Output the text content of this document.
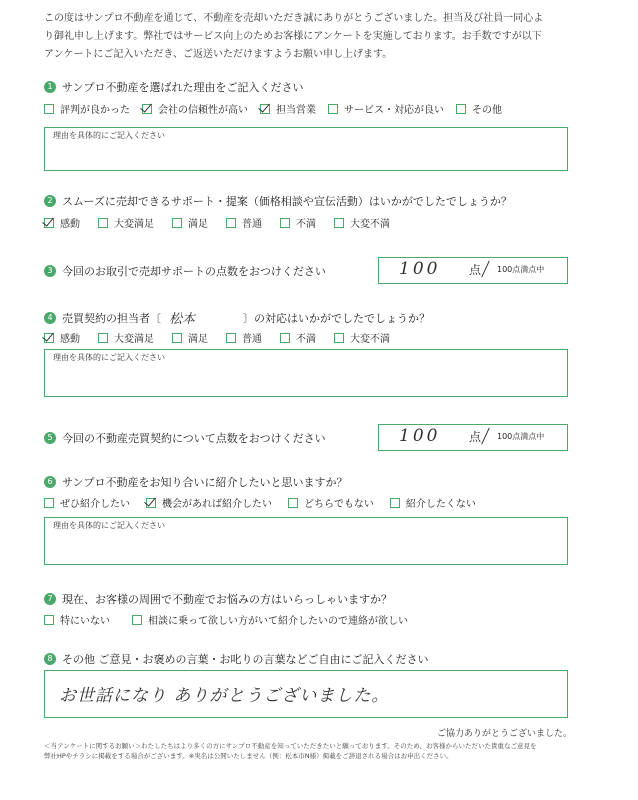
この度はサンプロ不動産を通じて、不動産を売却いただき誠にありがとうございました。担当及び社員一同心よ
り御礼申し上げます。弊社ではサービス向上のためお客様にアンケートを実施しております。お手数ですが以下
アンケートにご記入いただき、ご返送いただけますようお願い申し上げます。
1 サンプロ不動産を選ばれた理由をご記入ください
評判が良かった	会社の信頼性が高い	担当営業	サービス・対応が良い	その他
理由を具体的にご記入ください
2 スムーズに売却できるサポート・提案（価格相談や宣伝活動）はいかがでしたでしょうか？
感動	大変満足	満足	普通	不満	大変不満
3 今回のお取引で売却サポートの点数をおつけください	100 点 100点満点中
4 売買契約の担当者〔 松本	〕の対応はいかがでしたでしょうか？
感動	大変満足	満足	普通	不満	大変不満
理由を具体的にご記入ください
5 今回の不動産売買契約について点数をおつけください	100 点 100点満点中
6 サンプロ不動産をお知り合いに紹介したいと思いますか？
ぜひ紹介したい	機会があれば紹介したい	どちらでもない	紹介したくない
理由を具体的にご記入ください
7 現在、お客様の周囲で不動産でお悩みの方はいらっしゃいますか？
特にいない	相談に乗って欲しい方がいて紹介したいので連絡が欲しい
8 その他 ご意見・お褒めの言葉・お叱りの言葉などご自由にご記入ください
お世話になり ありがとうございました。
ご協力ありがとうございました。
＜当アンケートに関するお願い＞わたしたちはより多くの方にサンプロ不動産を知っていただきたいと願っております。そのため、お客様からいただいた貴重なご意見を
弊社HPやチラシに掲載をする場合がございます。※実名は公開いたしません（例：松本市N様）掲載をご辞退される場合はお申出ください。
